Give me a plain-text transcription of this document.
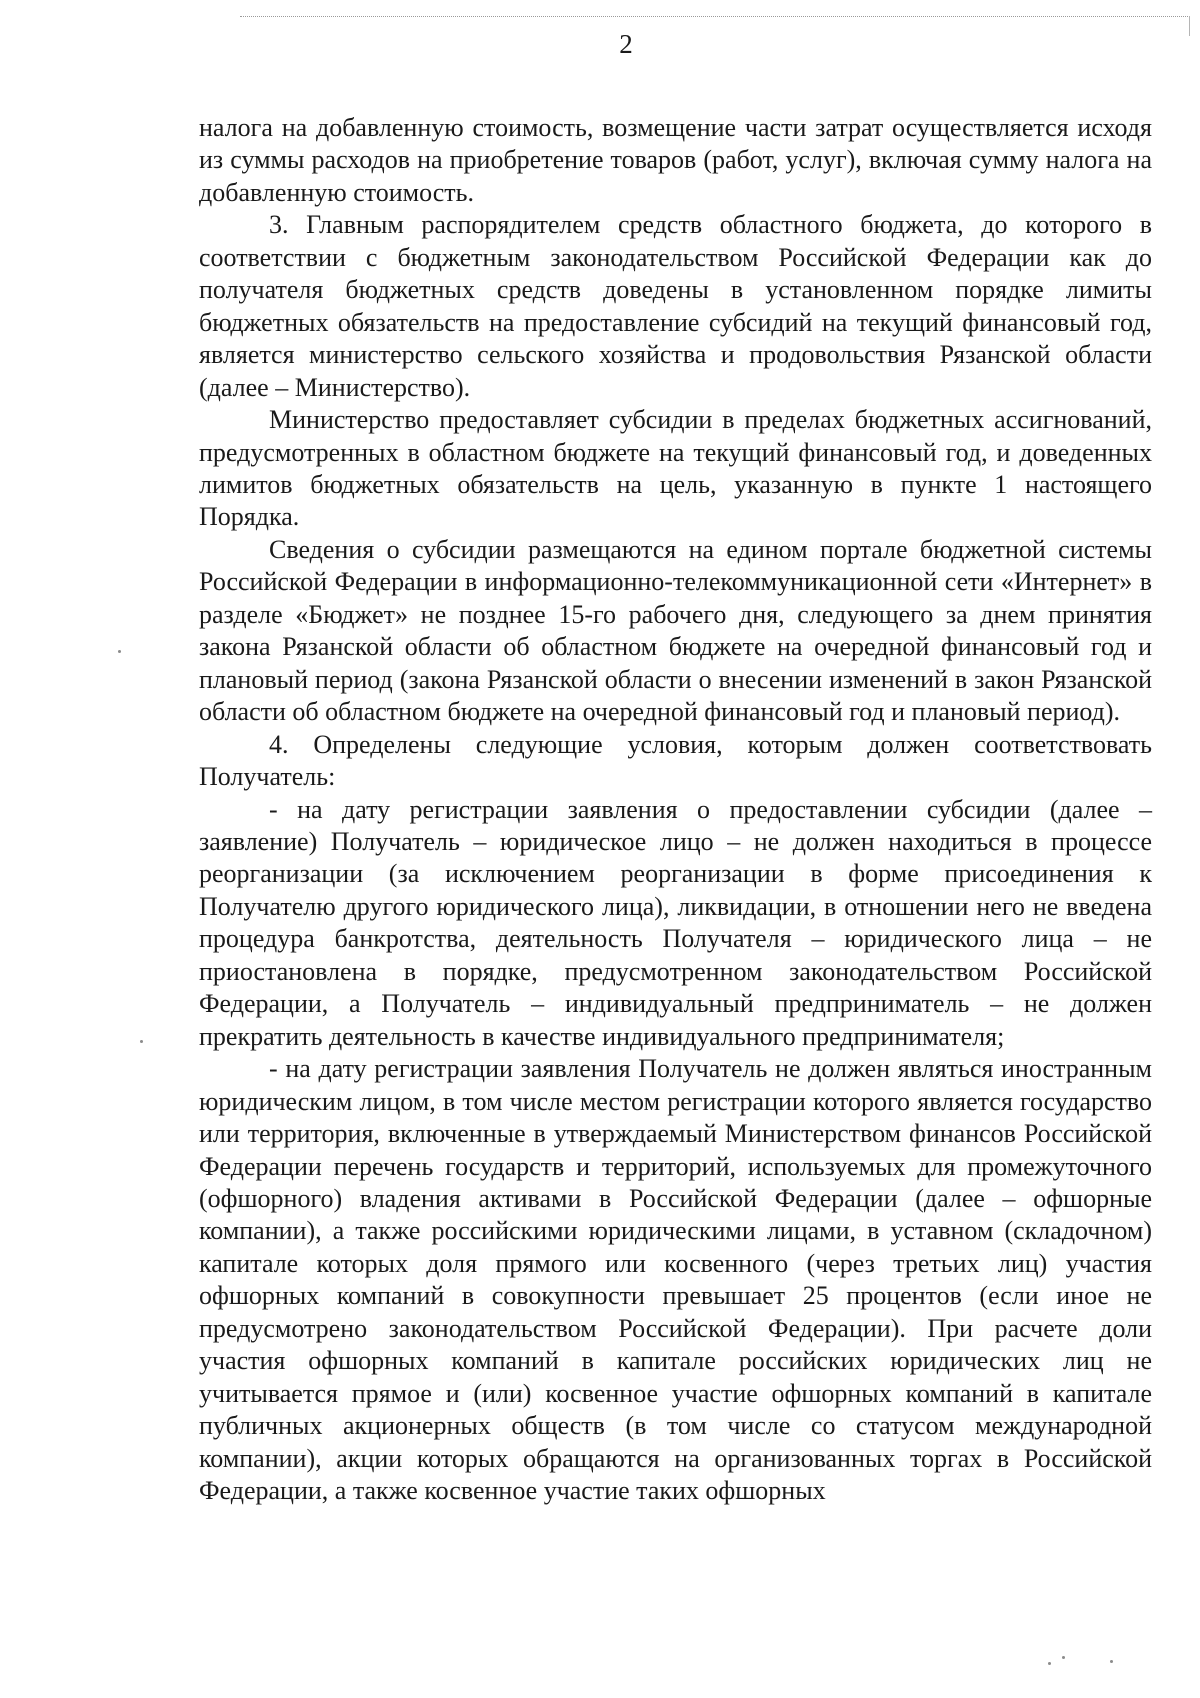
2

налога на добавленную стоимость, возмещение части затрат осуществляется исходя из суммы расходов на приобретение товаров (работ, услуг), включая сумму налога на добавленную стоимость.

3. Главным распорядителем средств областного бюджета, до которого в соответствии с бюджетным законодательством Российской Федерации как до получателя бюджетных средств доведены в установленном порядке лимиты бюджетных обязательств на предоставление субсидий на текущий финансовый год, является министерство сельского хозяйства и продовольствия Рязанской области (далее – Министерство).

Министерство предоставляет субсидии в пределах бюджетных ассигнований, предусмотренных в областном бюджете на текущий финансовый год, и доведенных лимитов бюджетных обязательств на цель, указанную в пункте 1 настоящего Порядка.

Сведения о субсидии размещаются на едином портале бюджетной системы Российской Федерации в информационно-телекоммуникационной сети «Интернет» в разделе «Бюджет» не позднее 15-го рабочего дня, следующего за днем принятия закона Рязанской области об областном бюджете на очередной финансовый год и плановый период (закона Рязанской области о внесении изменений в закон Рязанской области об областном бюджете на очередной финансовый год и плановый период).

4. Определены следующие условия, которым должен соответствовать Получатель:

- на дату регистрации заявления о предоставлении субсидии (далее – заявление) Получатель – юридическое лицо – не должен находиться в процессе реорганизации (за исключением реорганизации в форме присоединения к Получателю другого юридического лица), ликвидации, в отношении него не введена процедура банкротства, деятельность Получателя – юридического лица – не приостановлена в порядке, предусмотренном законодательством Российской Федерации, а Получатель – индивидуальный предприниматель – не должен прекратить деятельность в качестве индивидуального предпринимателя;

- на дату регистрации заявления Получатель не должен являться иностранным юридическим лицом, в том числе местом регистрации которого является государство или территория, включенные в утверждаемый Министерством финансов Российской Федерации перечень государств и территорий, используемых для промежуточного (офшорного) владения активами в Российской Федерации (далее – офшорные компании), а также российскими юридическими лицами, в уставном (складочном) капитале которых доля прямого или косвенного (через третьих лиц) участия офшорных компаний в совокупности превышает 25 процентов (если иное не предусмотрено законодательством Российской Федерации). При расчете доли участия офшорных компаний в капитале российских юридических лиц не учитывается прямое и (или) косвенное участие офшорных компаний в капитале публичных акционерных обществ (в том числе со статусом международной компании), акции которых обращаются на организованных торгах в Российской Федерации, а также косвенное участие таких офшорных
